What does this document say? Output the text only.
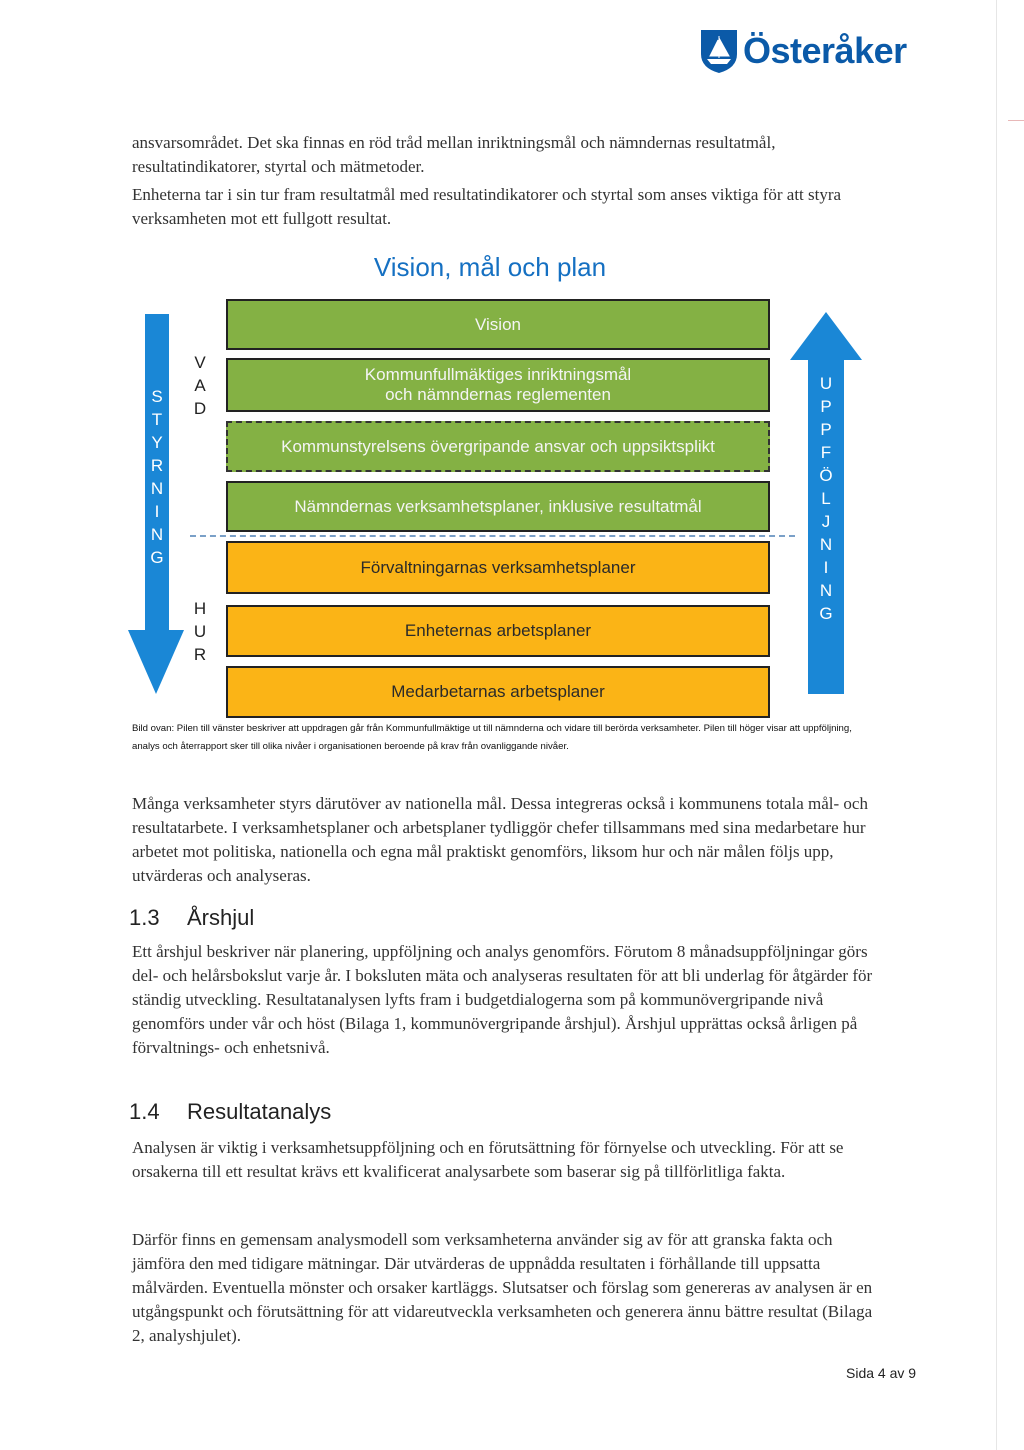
Österåker

ansvarsområdet. Det ska finnas en röd tråd mellan inriktningsmål och nämndernas resultatmål, resultatindikatorer, styrtal och mätmetoder.

Enheterna tar i sin tur fram resultatmål med resultatindikatorer och styrtal som anses viktiga för att styra verksamheten mot ett fullgott resultat.

Vision, mål och plan
S
T
Y
R
N
I
N
G
U
P
P
F
Ö
L
J
N
I
N
G
V
A
D
H
U
R
Vision
Kommunfullmäktiges inriktningsmål
och nämndernas reglementen
Kommunstyrelsens övergripande ansvar och uppsiktsplikt
Nämndernas verksamhetsplaner, inklusive resultatmål
Förvaltningarnas verksamhetsplaner
Enheternas arbetsplaner
Medarbetarnas arbetsplaner

Bild ovan: Pilen till vänster beskriver att uppdragen går från Kommunfullmäktige ut till nämnderna och vidare till berörda verksamheter. Pilen till höger visar att uppföljning, analys och återrapport sker till olika nivåer i organisationen beroende på krav från ovanliggande nivåer.

Många verksamheter styrs därutöver av nationella mål. Dessa integreras också i kommunens totala mål- och resultatarbete. I verksamhetsplaner och arbetsplaner tydliggör chefer tillsammans med sina medarbetare hur arbetet mot politiska, nationella och egna mål praktiskt genomförs, liksom hur och när målen följs upp, utvärderas och analyseras.

1.3	Årshjul

Ett årshjul beskriver när planering, uppföljning och analys genomförs. Förutom 8 månadsuppföljningar görs del- och helårsbokslut varje år. I boksluten mäta och analyseras resultaten för att bli underlag för åtgärder för ständig utveckling. Resultatanalysen lyfts fram i budgetdialogerna som på kommunövergripande nivå genomförs under vår och höst (Bilaga 1, kommunövergripande årshjul). Årshjul upprättas också årligen på förvaltnings- och enhetsnivå.

1.4	Resultatanalys

Analysen är viktig i verksamhetsuppföljning och en förutsättning för förnyelse och utveckling. För att se orsakerna till ett resultat krävs ett kvalificerat analysarbete som baserar sig på tillförlitliga fakta.

Därför finns en gemensam analysmodell som verksamheterna använder sig av för att granska fakta och jämföra den med tidigare mätningar. Där utvärderas de uppnådda resultaten i förhållande till uppsatta målvärden. Eventuella mönster och orsaker kartläggs. Slutsatser och förslag som genereras av analysen är en utgångspunkt och förutsättning för att vidareutveckla verksamheten och generera ännu bättre resultat (Bilaga 2, analyshjulet).

Sida 4 av 9
